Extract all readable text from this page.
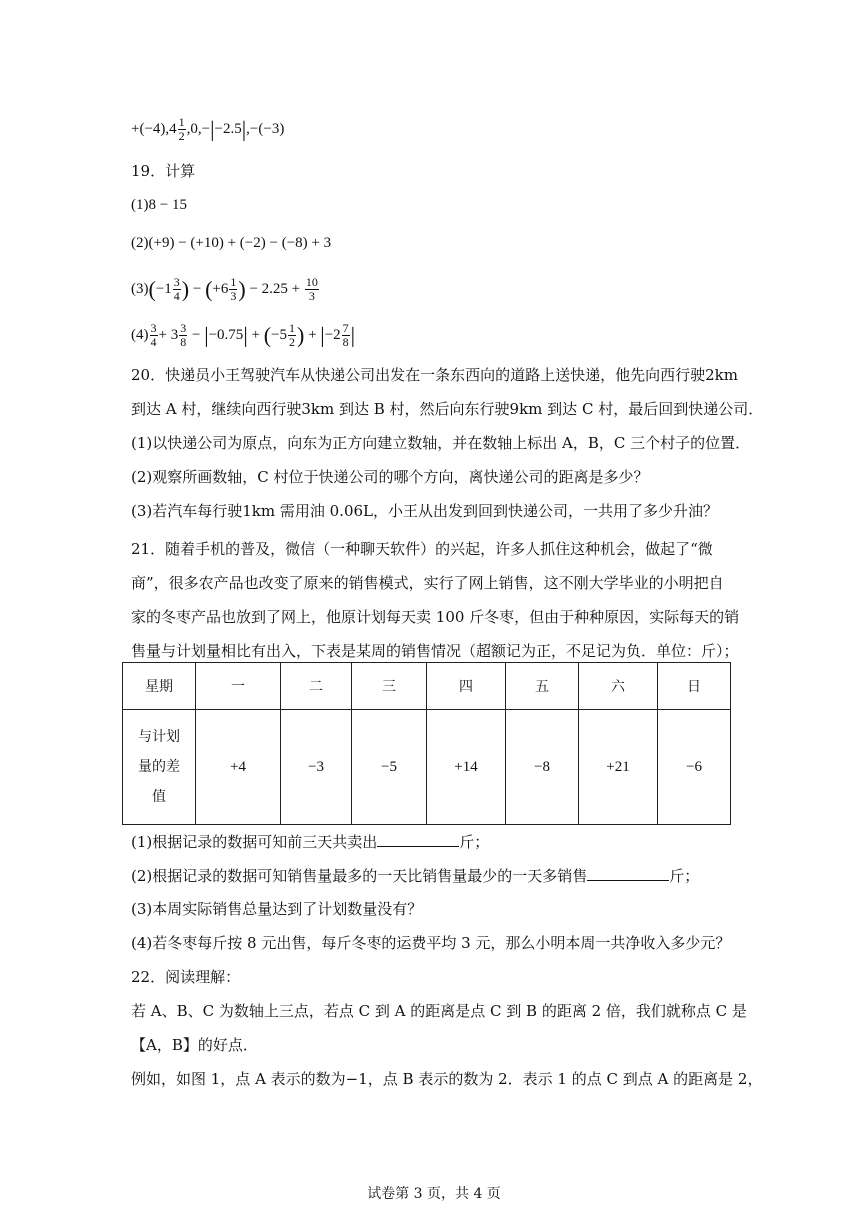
$+(-4),4 \frac{1}{2} ,0,-|-2.5|,-(-3)$
19．计算
(1)8 − 15
(2)(+9) − (+10) + (−2) − (−8) + 3
$(3)(-1 \frac{3}{4}$ ) − ($+6 \frac{1}{3}$ ) − $2.25 + \frac{10}{3}$
$(4) \frac{3}{4} + 3 \frac{3}{8} - |-0.75| + (-5 \frac{1}{2}$ ) + $|-2 \frac{7}{8}$ |
20．快递员小王驾驶汽车从快递公司出发在一条东西向的道路上送快递，他先向西行驶2km
到达 A 村，继续向西行驶3km 到达 B 村，然后向东行驶9km 到达 C 村，最后回到快递公司．
(1)以快递公司为原点，向东为正方向建立数轴，并在数轴上标出 A，B，C 三个村子的位置．
(2)观察所画数轴，C 村位于快递公司的哪个方向，离快递公司的距离是多少？
(3)若汽车每行驶1km 需用油 0.06L，小王从出发到回到快递公司，一共用了多少升油？
21．随着手机的普及，微信（一种聊天软件）的兴起，许多人抓住这种机会，做起了“微
商”，很多农产品也改变了原来的销售模式，实行了网上销售，这不刚大学毕业的小明把自
家的冬枣产品也放到了网上，他原计划每天卖 100 斤冬枣，但由于种种原因，实际每天的销
售量与计划量相比有出入，下表是某周的销售情况（超额记为正，不足记为负．单位：斤）；
星期	一	二	三	四	五	六	日

与计划
量的差
值	+4	−3	−5	+14	−8	+21	−6
(1)根据记录的数据可知前三天共卖出	斤；
(2)根据记录的数据可知销售量最多的一天比销售量最少的一天多销售	斤；
(3)本周实际销售总量达到了计划数量没有？
(4)若冬枣每斤按 8 元出售，每斤冬枣的运费平均 3 元，那么小明本周一共净收入多少元？
22．阅读理解：
若 A、B、C 为数轴上三点，若点 C 到 A 的距离是点 C 到 B 的距离 2 倍，我们就称点 C 是
【A，B】的好点．
例如，如图 1，点 A 表示的数为−1，点 B 表示的数为 2．表示 1 的点 C 到点 A 的距离是 2，
试卷第 3 页，共 4 页
